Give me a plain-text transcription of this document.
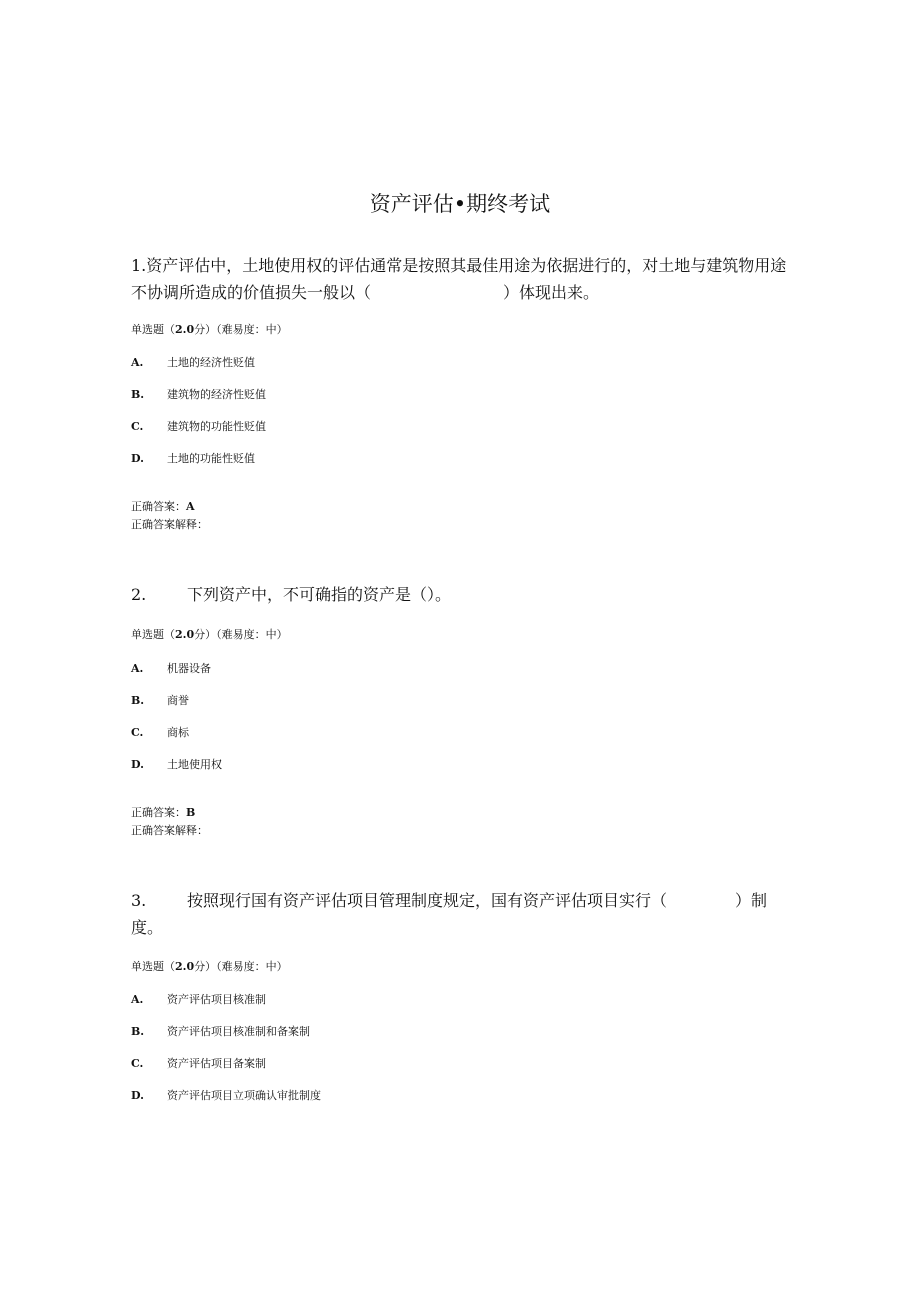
资产评估•期终考试

1.资产评估中，土地使用权的评估通常是按照其最佳用途为依据进行的，对土地与建筑物用途不协调所造成的价值损失一般以（	）体现出来。

单选题（2.0分）（难易度：中）
A. 土地的经济性贬值
B. 建筑物的经济性贬值
C. 建筑物的功能性贬值
D. 土地的功能性贬值
正确答案：A
正确答案解释：

2.	下列资产中，不可确指的资产是（）。

单选题（2.0分）（难易度：中）
A. 机器设备
B. 商誉
C. 商标
D. 土地使用权
正确答案：B
正确答案解释：

3.	按照现行国有资产评估项目管理制度规定，国有资产评估项目实行（	）制度。

单选题（2.0分）（难易度：中）
A. 资产评估项目核准制
B. 资产评估项目核准制和备案制
C. 资产评估项目备案制
D. 资产评估项目立项确认审批制度
